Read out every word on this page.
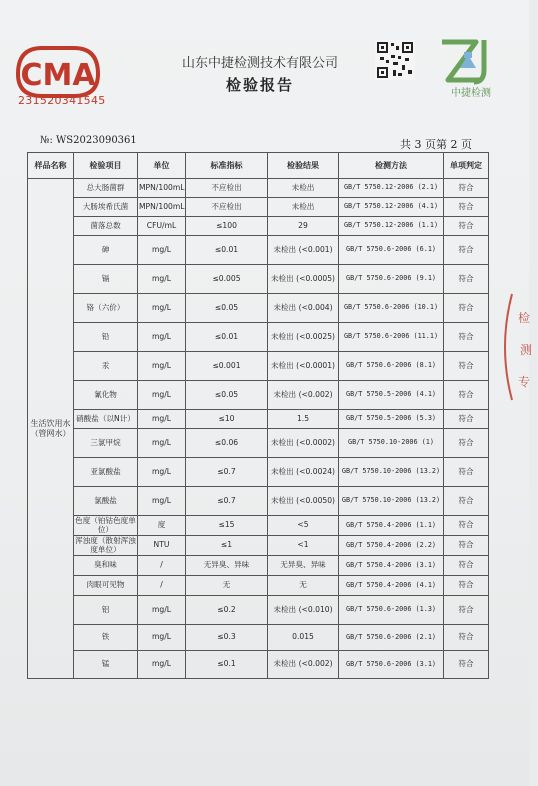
CMA
231520341545
山东中捷检测技术有限公司
检验报告	中捷检测
№: WS2023090361	共 3 页第 2 页
样品名称	检验项目	单位	标准指标	检验结果	检测方法	单项判定
生活饮用水（管网水）	总大肠菌群	MPN/100mL	不应检出	未检出	GB/T 5750.12-2006 (2.1)	符合
	大肠埃希氏菌	MPN/100mL	不应检出	未检出	GB/T 5750.12-2006 (4.1)	符合
	菌落总数	CFU/mL	≤100	29	GB/T 5750.12-2006 (1.1)	符合
	砷	mg/L	≤0.01	未检出 (<0.001)	GB/T 5750.6-2006 (6.1)	符合
	镉	mg/L	≤0.005	未检出 (<0.0005)	GB/T 5750.6-2006 (9.1)	符合
	铬（六价）	mg/L	≤0.05	未检出 (<0.004)	GB/T 5750.6-2006 (10.1)	符合
	铅	mg/L	≤0.01	未检出 (<0.0025)	GB/T 5750.6-2006 (11.1)	符合
	汞	mg/L	≤0.001	未检出 (<0.0001)	GB/T 5750.6-2006 (8.1)	符合
	氰化物	mg/L	≤0.05	未检出 (<0.002)	GB/T 5750.5-2006 (4.1)	符合
	硝酸盐（以N计）	mg/L	≤10	1.5	GB/T 5750.5-2006 (5.3)	符合
	三氯甲烷	mg/L	≤0.06	未检出 (<0.0002)	GB/T 5750.10-2006 (1)	符合
	亚氯酸盐	mg/L	≤0.7	未检出 (<0.0024)	GB/T 5750.10-2006 (13.2)	符合
	氯酸盐	mg/L	≤0.7	未检出 (<0.0050)	GB/T 5750.10-2006 (13.2)	符合
	色度（铂钴色度单位）	度	≤15	<5	GB/T 5750.4-2006 (1.1)	符合
	浑浊度（散射浑浊度单位）	NTU	≤1	<1	GB/T 5750.4-2006 (2.2)	符合
	臭和味	/	无异臭、异味	无异臭、异味	GB/T 5750.4-2006 (3.1)	符合
	肉眼可见物	/	无	无	GB/T 5750.4-2006 (4.1)	符合
	铝	mg/L	≤0.2	未检出 (<0.010)	GB/T 5750.6-2006 (1.3)	符合
	铁	mg/L	≤0.3	0.015	GB/T 5750.6-2006 (2.1)	符合
	锰	mg/L	≤0.1	未检出 (<0.002)	GB/T 5750.6-2006 (3.1)	符合
检
测
专
